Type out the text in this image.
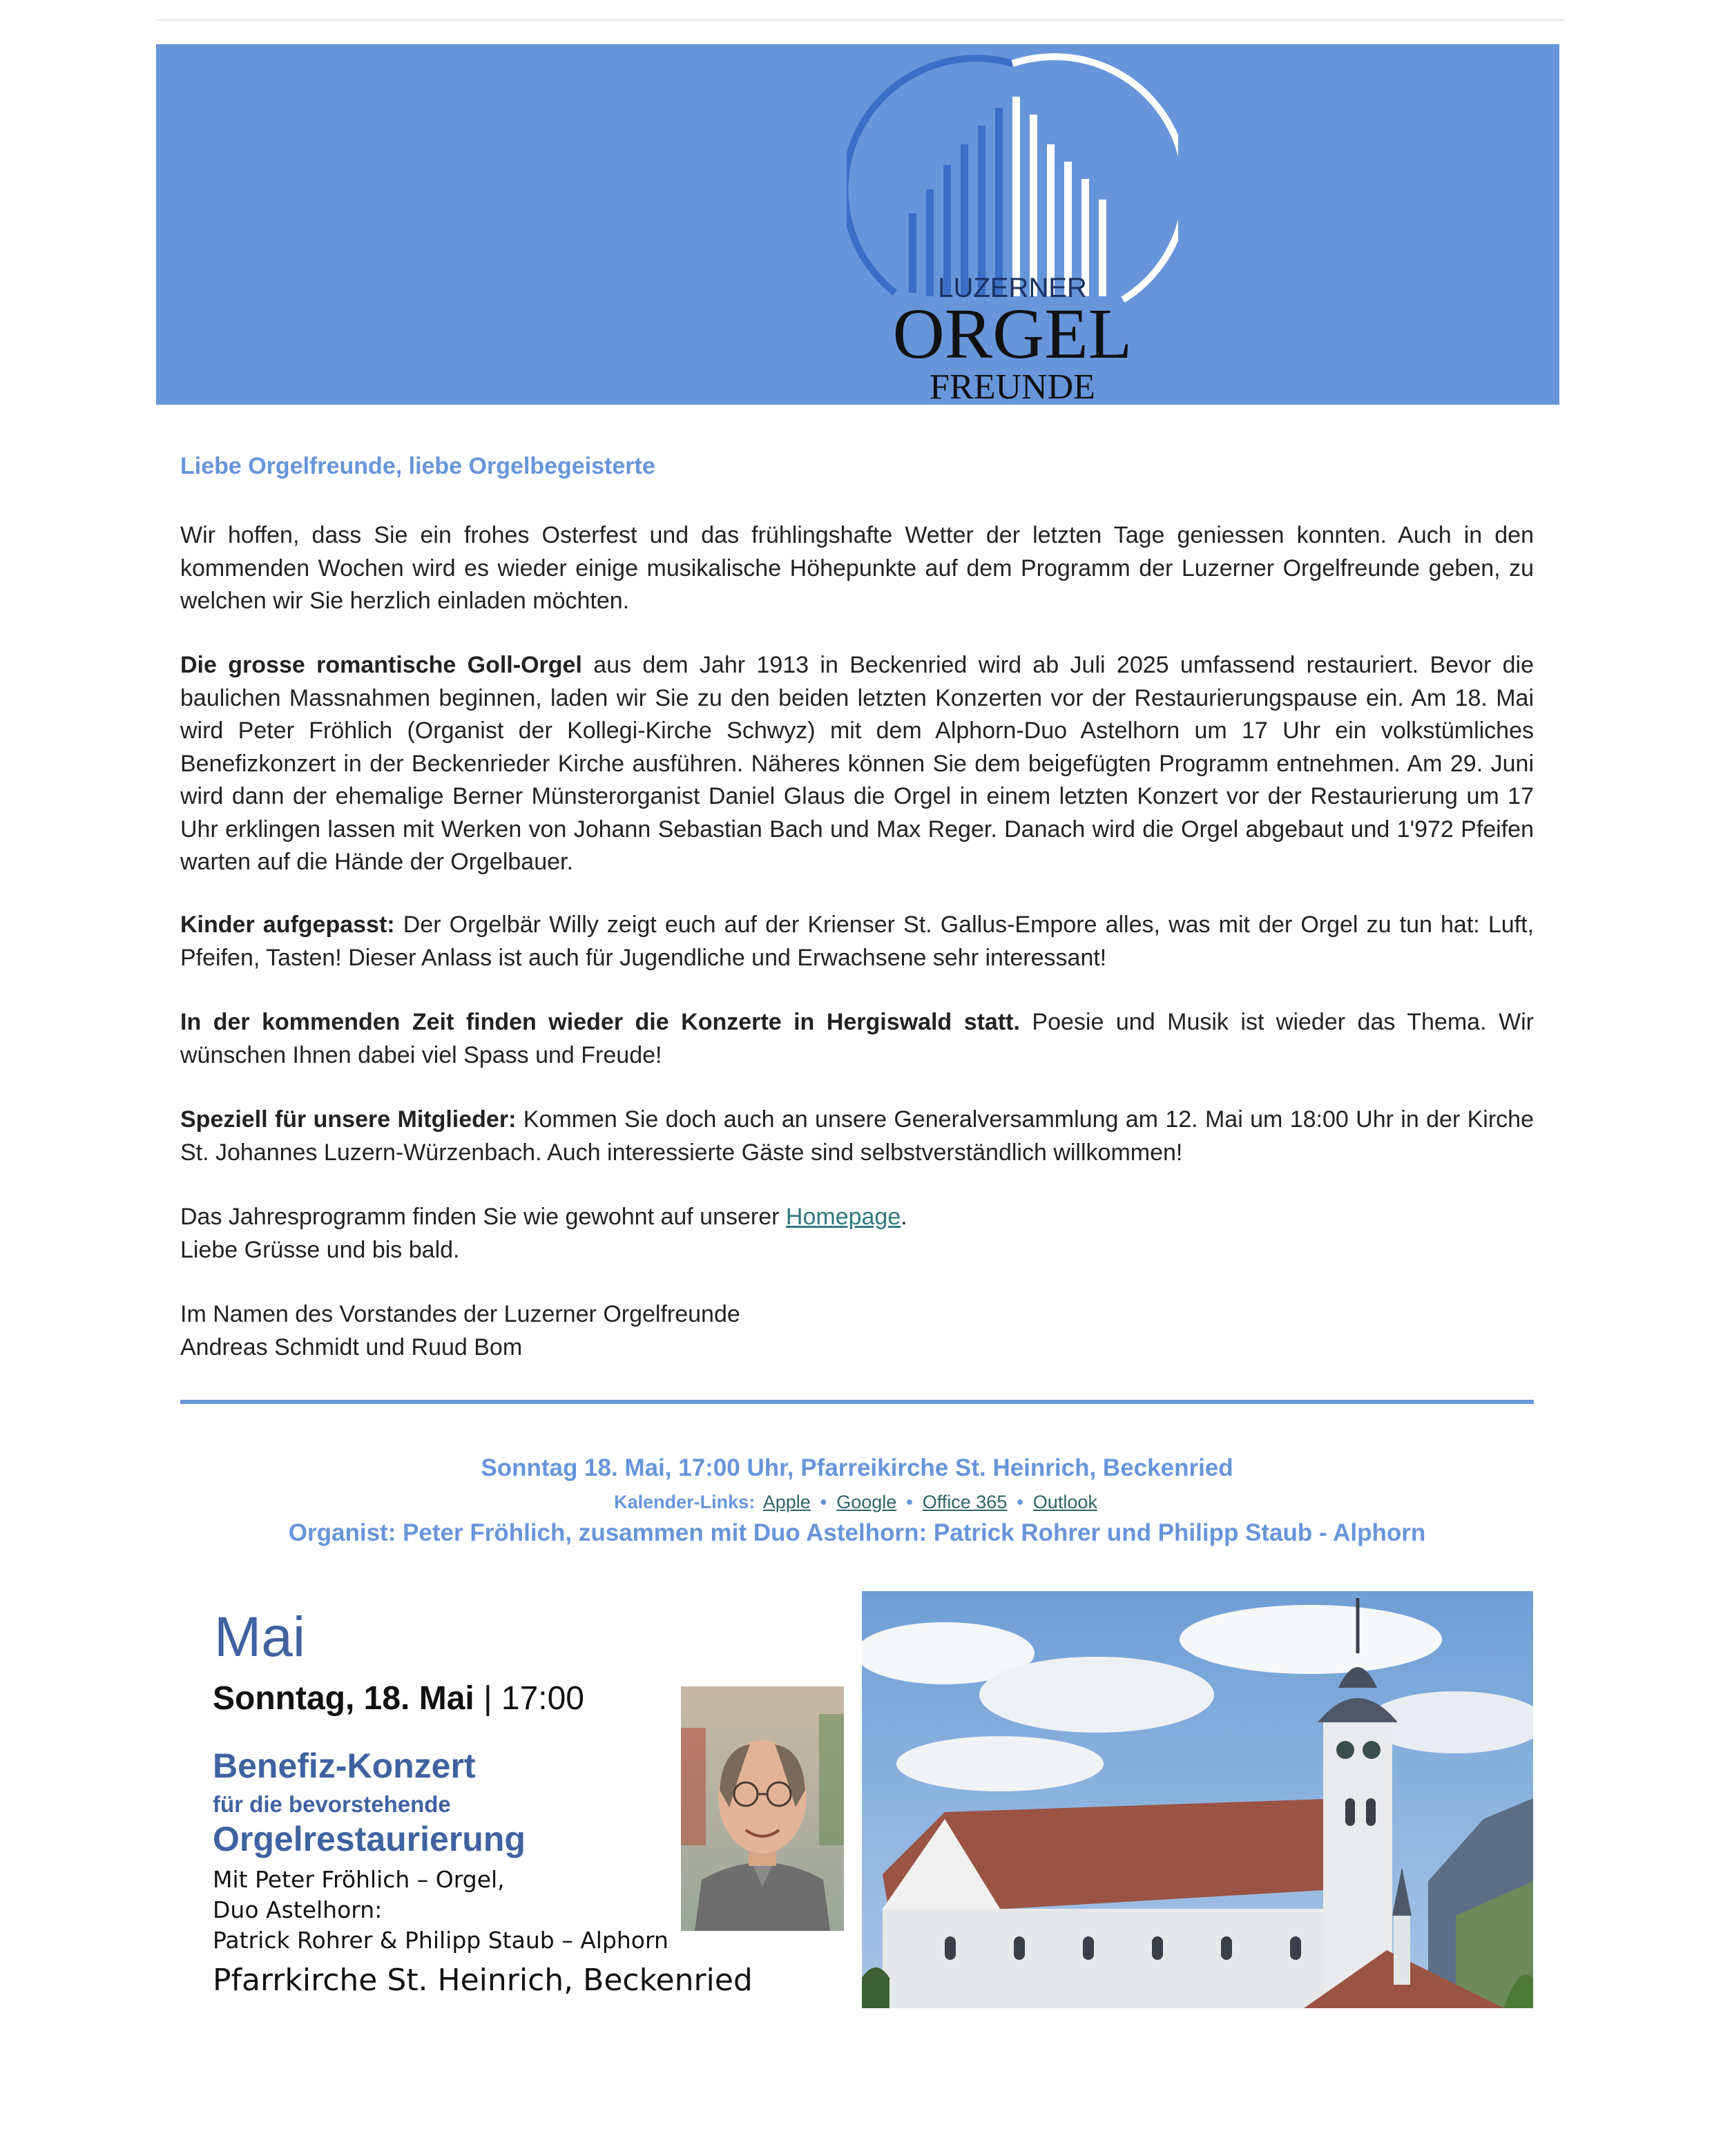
LUZERNER
ORGEL
FREUNDE
Liebe Orgelfreunde, liebe Orgelbegeisterte

Wir hoffen, dass Sie ein frohes Osterfest und das frühlingshafte Wetter der letzten Tage geniessen konnten. Auch in den kommenden Wochen wird es wieder einige musikalische Höhepunkte auf dem Programm der Luzerner Orgelfreunde geben, zu welchen wir Sie herzlich einladen möchten.

Die grosse romantische Goll-Orgel aus dem Jahr 1913 in Beckenried wird ab Juli 2025 umfassend restauriert. Bevor die baulichen Massnahmen beginnen, laden wir Sie zu den beiden letzten Konzerten vor der Restaurierungspause ein. Am 18. Mai wird Peter Fröhlich (Organist der Kollegi-Kirche Schwyz) mit dem Alphorn-Duo Astelhorn um 17 Uhr ein volkstümliches Benefizkonzert in der Beckenrieder Kirche ausführen. Näheres können Sie dem beigefügten Programm entnehmen. Am 29. Juni wird dann der ehemalige Berner Münsterorganist Daniel Glaus die Orgel in einem letzten Konzert vor der Restaurierung um 17 Uhr erklingen lassen mit Werken von Johann Sebastian Bach und Max Reger. Danach wird die Orgel abgebaut und 1'972 Pfeifen warten auf die Hände der Orgelbauer.

Kinder aufgepasst: Der Orgelbär Willy zeigt euch auf der Krienser St. Gallus-Empore alles, was mit der Orgel zu tun hat: Luft, Pfeifen, Tasten! Dieser Anlass ist auch für Jugendliche und Erwachsene sehr interessant!

In der kommenden Zeit finden wieder die Konzerte in Hergiswald statt. Poesie und Musik ist wieder das Thema. Wir wünschen Ihnen dabei viel Spass und Freude!

Speziell für unsere Mitglieder: Kommen Sie doch auch an unsere Generalversammlung am 12. Mai um 18:00 Uhr in der Kirche St. Johannes Luzern-Würzenbach. Auch interessierte Gäste sind selbstverständlich willkommen!

Das Jahresprogramm finden Sie wie gewohnt auf unserer Homepage.
Liebe Grüsse und bis bald.

Im Namen des Vorstandes der Luzerner Orgelfreunde
Andreas Schmidt und Ruud Bom

Sonntag 18. Mai, 17:00 Uhr, Pfarreikirche St. Heinrich, Beckenried
Kalender-Links: Apple • Google • Office 365 • Outlook
Organist: Peter Fröhlich, zusammen mit Duo Astelhorn: Patrick Rohrer und Philipp Staub - Alphorn
Mai
Sonntag, 18. Mai | 17:00
Benefiz-Konzert
für die bevorstehende
Orgelrestaurierung
Mit Peter Fröhlich – Orgel,
Duo Astelhorn:
Patrick Rohrer & Philipp Staub – Alphorn
Pfarrkirche St. Heinrich, Beckenried
